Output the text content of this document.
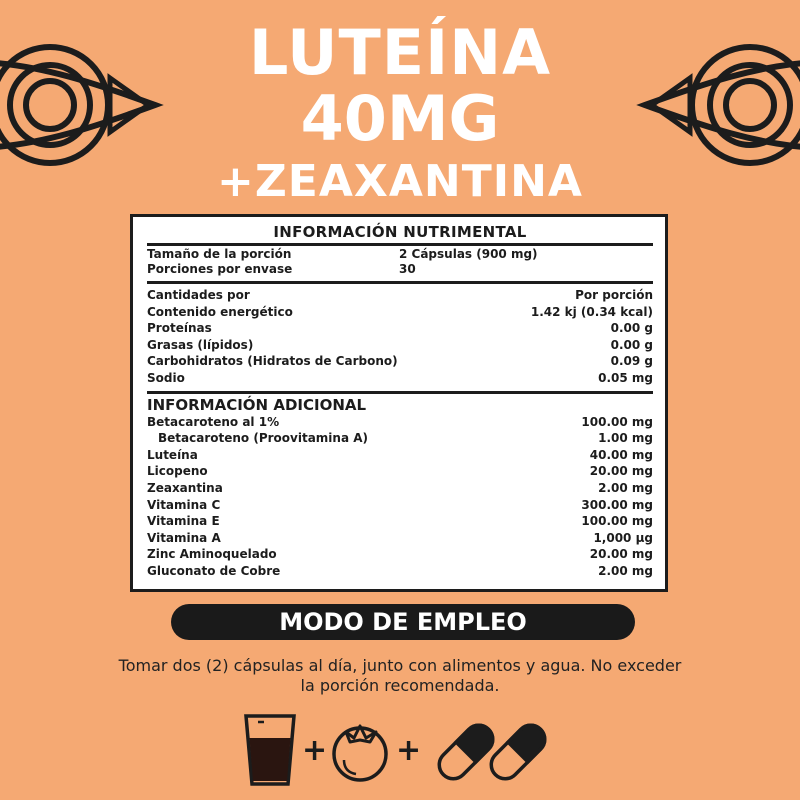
LUTEÍNA
40MG
+ZEAXANTINA
INFORMACIÓN NUTRIMENTAL
Tamaño de la porción	2 Cápsulas (900 mg)
Porciones por envase	30
Cantidades por	Por porción
Contenido energético	1.42 kj (0.34 kcal)
Proteínas	0.00 g
Grasas (lípidos)	0.00 g
Carbohidratos (Hidratos de Carbono)	0.09 g
Sodio	0.05 mg
INFORMACIÓN ADICIONAL
Betacaroteno al 1%	100.00 mg
Betacaroteno (Proovitamina A)	1.00 mg
Luteína	40.00 mg
Licopeno	20.00 mg
Zeaxantina	2.00 mg
Vitamina C	300.00 mg
Vitamina E	100.00 mg
Vitamina A	1,000 µg
Zinc Aminoquelado	20.00 mg
Gluconato de Cobre	2.00 mg
MODO DE EMPLEO
Tomar dos (2) cápsulas al día, junto con alimentos y agua. No exceder
la porción recomendada.
+ +
